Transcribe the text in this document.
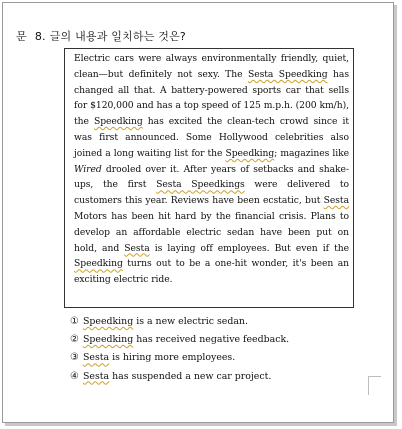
문 8. 글의 내용과 일치하는 것은?

Electric cars were always environmentally friendly, quiet, clean—but definitely not sexy. The Sesta Speedking has changed all that. A battery-powered sports car that sells for $120,000 and has a top speed of 125 m.p.h. (200 km/h), the Speedking has excited the clean-tech crowd since it was first announced. Some Hollywood celebrities also joined a long waiting list for the Speedking; magazines like Wired drooled over it. After years of setbacks and shake-ups, the first Sesta Speedkings were delivered to customers this year. Reviews have been ecstatic, but Sesta Motors has been hit hard by the financial crisis. Plans to develop an affordable electric sedan have been put on hold, and Sesta is laying off employees. But even if the Speedking turns out to be a one-hit wonder, it's been an exciting electric ride.

① Speedking is a new electric sedan.
② Speedking has received negative feedback.
③ Sesta is hiring more employees.
④ Sesta has suspended a new car project.
